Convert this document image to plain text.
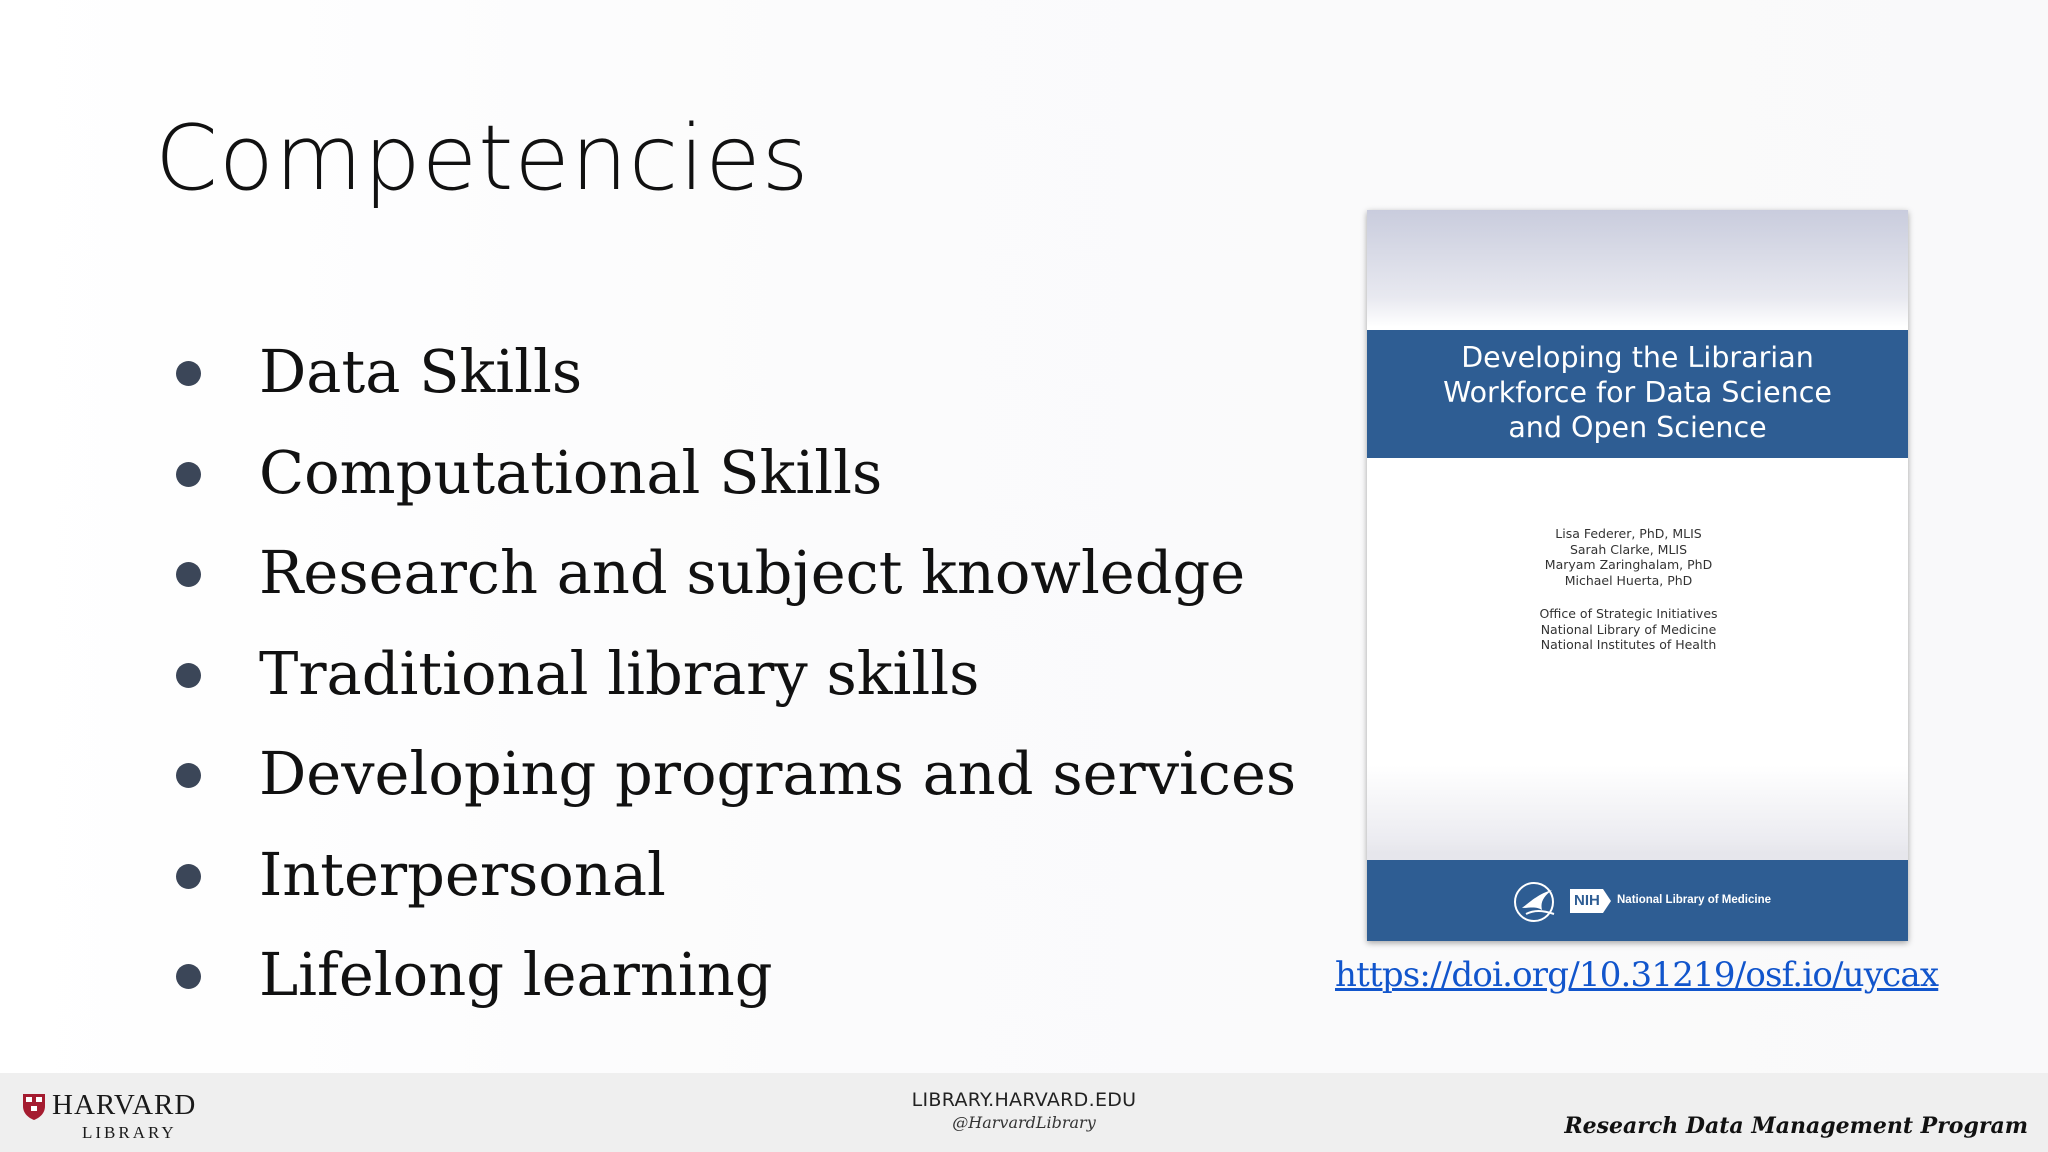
Competencies
Data Skills
Computational Skills
Research and subject knowledge
Traditional library skills
Developing programs and services
Interpersonal
Lifelong learning
Developing the Librarian
Workforce for Data Science
and Open Science
Lisa Federer, PhD, MLIS
Sarah Clarke, MLIS
Maryam Zaringhalam, PhD
Michael Huerta, PhD
Office of Strategic Initiatives
National Library of Medicine
National Institutes of Health
NIH National Library of Medicine
https://doi.org/10.31219/osf.io/uycax
HARVARD
LIBRARY
LIBRARY.HARVARD.EDU
@HarvardLibrary	Research Data Management Program
